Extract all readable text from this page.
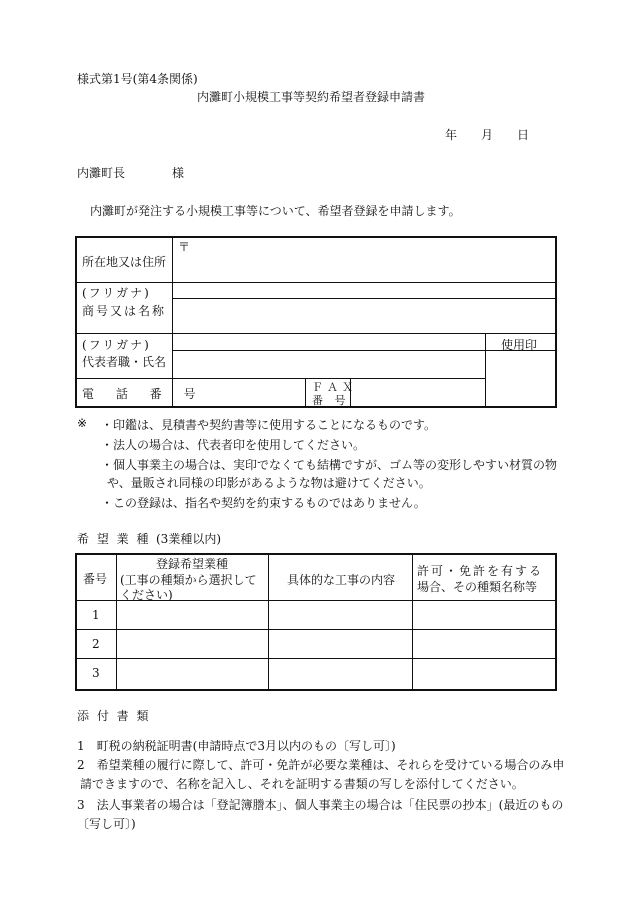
様式第1号(第4条関係)
内灘町小規模工事等契約希望者登録申請書
年 月 日
内灘町長	様
内灘町が発注する小規模工事等について、希望者登録を申請します。
所在地又は住所
〒
(フリガナ)
商号又は名称
(フリガナ)
代表者職・氏名
使用印
電 話 番 号	ＦＡＸ
番 号
※ ・印鑑は、見積書や契約書等に使用することになるものです。
・法人の場合は、代表者印を使用してください。
・個人事業主の場合は、実印でなくても結構ですが、ゴム等の変形しやすい材質の物
や、量販され同様の印影があるような物は避けてください。
・この登録は、指名や契約を約束するものではありません。
希 望 業 種 (3業種以内)
番号
登録希望業種
(工事の種類から選択して
ください)
具体的な工事の内容
許可・免許を有する
場合、その種類名称等
1
2
3
添 付 書 類
1　町税の納税証明書(申請時点で3月以内のもの〔写し可〕)
2　希望業種の履行に際して、許可・免許が必要な業種は、それらを受けている場合のみ申
請できますので、名称を記入し、それを証明する書類の写しを添付してください。
3　法人事業者の場合は「登記簿謄本」、個人事業主の場合は「住民票の抄本」(最近のもの
〔写し可〕)
